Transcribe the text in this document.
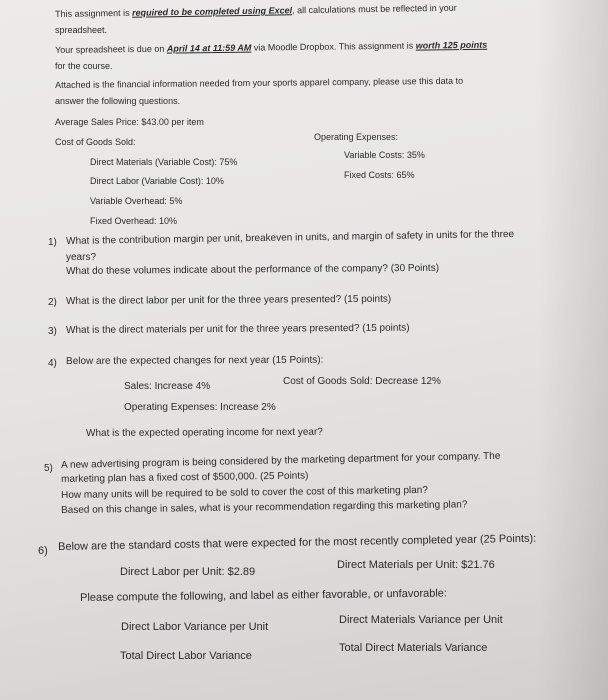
This assignment is required to be completed using Excel, all calculations must be reflected in your
spreadsheet.
Your spreadsheet is due on April 14 at 11:59 AM via Moodle Dropbox. This assignment is worth 125 points
for the course.
Attached is the financial information needed from your sports apparel company, please use this data to
answer the following questions.
Average Sales Price: $43.00 per item
Cost of Goods Sold:	Operating Expenses:
Direct Materials (Variable Cost): 75%
Variable Costs: 35%
Direct Labor (Variable Cost): 10%
Fixed Costs: 65%
Variable Overhead: 5%
Fixed Overhead: 10%
1) What is the contribution margin per unit, breakeven in units, and margin of safety in units for the three
years?
What do these volumes indicate about the performance of the company? (30 Points)
2) What is the direct labor per unit for the three years presented? (15 points)
3) What is the direct materials per unit for the three years presented? (15 points)
4) Below are the expected changes for next year (15 Points):
Sales: Increase 4%	Cost of Goods Sold: Decrease 12%
Operating Expenses: Increase 2%
What is the expected operating income for next year?
5) A new advertising program is being considered by the marketing department for your company. The
marketing plan has a fixed cost of $500,000. (25 Points)
How many units will be required to be sold to cover the cost of this marketing plan?
Based on this change in sales, what is your recommendation regarding this marketing plan?
6) Below are the standard costs that were expected for the most recently completed year (25 Points):
Direct Labor per Unit: $2.89
Direct Materials per Unit: $21.76
Please compute the following, and label as either favorable, or unfavorable:
Direct Labor Variance per Unit
Direct Materials Variance per Unit
Total Direct Labor Variance
Total Direct Materials Variance
